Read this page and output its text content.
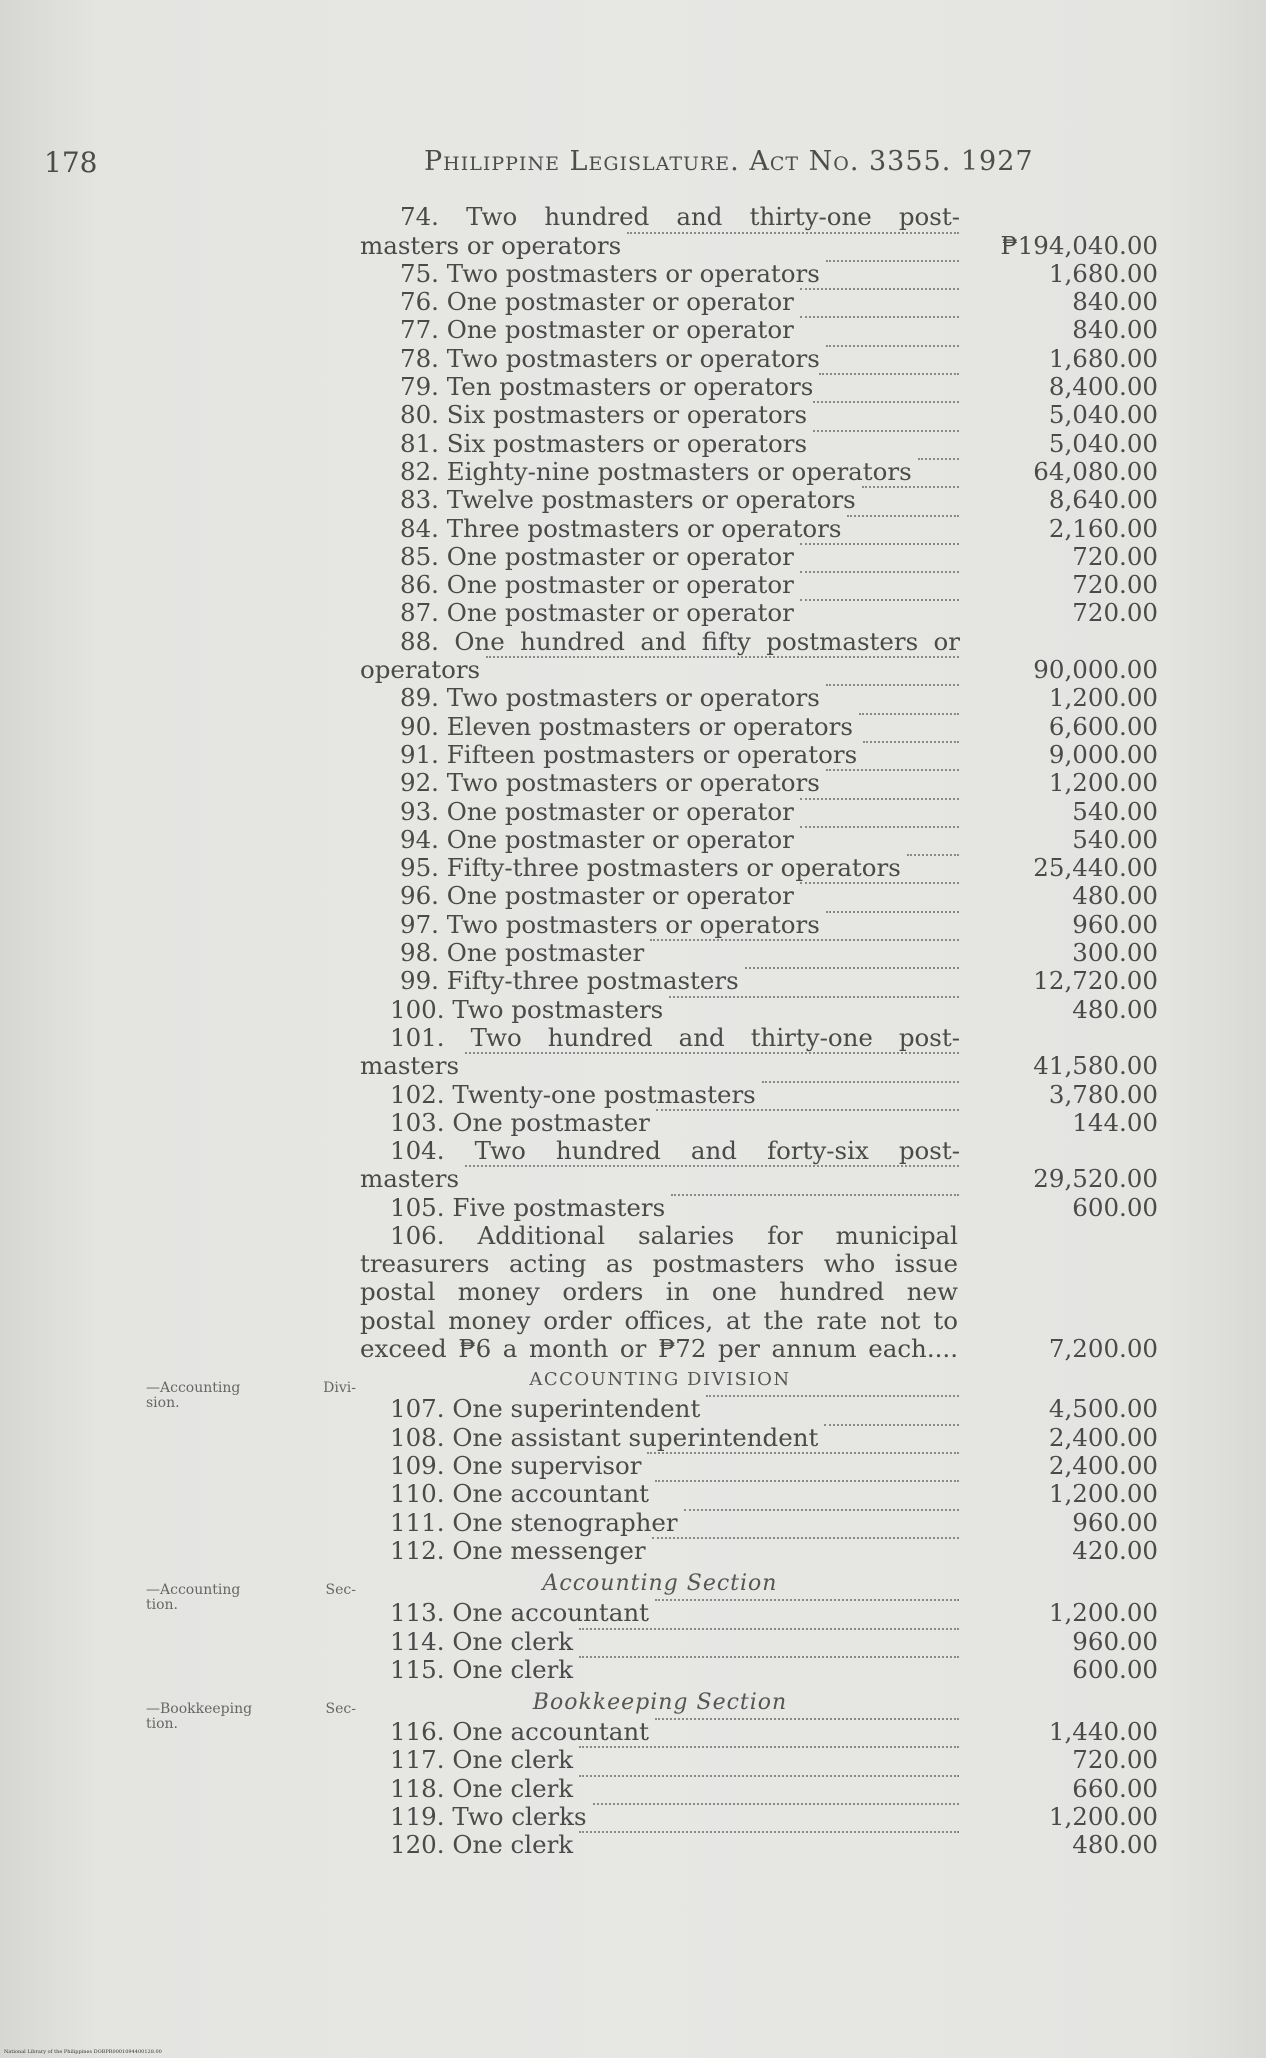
178	Philippine Legislature. Act No. 3355. 1927
74. Two hundred and thirty-one post-
masters or operators	₱194,040.00
75. Two postmasters or operators	1,680.00
76. One postmaster or operator	840.00
77. One postmaster or operator	840.00
78. Two postmasters or operators	1,680.00
79. Ten postmasters or operators	8,400.00
80. Six postmasters or operators	5,040.00
81. Six postmasters or operators	5,040.00
82. Eighty-nine postmasters or operators	64,080.00
83. Twelve postmasters or operators	8,640.00
84. Three postmasters or operators	2,160.00
85. One postmaster or operator	720.00
86. One postmaster or operator	720.00
87. One postmaster or operator	720.00
88. One hundred and fifty postmasters or
operators	90,000.00
89. Two postmasters or operators	1,200.00
90. Eleven postmasters or operators	6,600.00
91. Fifteen postmasters or operators	9,000.00
92. Two postmasters or operators	1,200.00
93. One postmaster or operator	540.00
94. One postmaster or operator	540.00
95. Fifty-three postmasters or operators	25,440.00
96. One postmaster or operator	480.00
97. Two postmasters or operators	960.00
98. One postmaster	300.00
99. Fifty-three postmasters	12,720.00
100. Two postmasters	480.00
101. Two hundred and thirty-one post-
masters	41,580.00
102. Twenty-one postmasters	3,780.00
103. One postmaster	144.00
104. Two hundred and forty-six post-
masters	29,520.00
105. Five postmasters	600.00
106. Additional salaries for municipal
treasurers acting as postmasters who issue
postal money orders in one hundred new
postal money order offices, at the rate not to
exceed ₱6 a month or ₱72 per annum each....	7,200.00
ACCOUNTING DIVISION
107. One superintendent	4,500.00
108. One assistant superintendent	2,400.00
109. One supervisor	2,400.00
110. One accountant	1,200.00
111. One stenographer	960.00
112. One messenger	420.00
Accounting Section
113. One accountant	1,200.00
114. One clerk	960.00
115. One clerk	600.00
Bookkeeping Section
116. One accountant	1,440.00
117. One clerk	720.00
118. One clerk	660.00
119. Two clerks	1,200.00
120. One clerk	480.00
—Accounting	Divi-
sion.
—Accounting	Sec-
tion.
—Bookkeeping	Sec-
tion.
National Library of the Philippines DOBPR0001094400128.00
